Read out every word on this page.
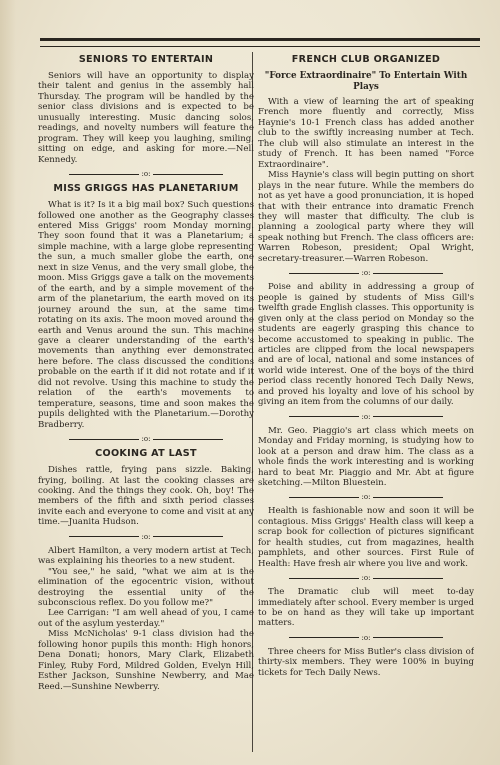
SENIORS TO ENTERTAIN

Seniors will have an opportunity to display their talent and genius in the assembly hall Thursday. The program will be handled by the senior class divisions and is expected to be unusually interesting. Music dancing solos, readings, and novelty numbers will feature the program. They will keep you laughing, smiling, sitting on edge, and asking for more.—Nell Kennedy.

:o:
MISS GRIGGS HAS PLANETARIUM

What is it? Is it a big mail box? Such questions followed one another as the Geography classes entered Miss Griggs' room Monday morning. They soon found that it was a Planetarium; a simple machine, with a large globe representing the sun, a much smaller globe the earth, one next in size Venus, and the very small globe, the moon. Miss Griggs gave a talk on the movements of the earth, and by a simple movement of the arm of the planetarium, the earth moved on its journey around the sun, at the same time rotating on its axis. The moon moved around the earth and Venus around the sun. This machine gave a clearer understanding of the earth's movements than anything ever demonstrated here before. The class discussed the conditions probable on the earth if it did not rotate and if it did not revolve. Using this machine to study the relation of the earth's movements to temperature, seasons, time and soon makes the pupils delighted with the Planetarium.—Dorothy Bradberry.

:o:
COOKING AT LAST

Dishes rattle, frying pans sizzle. Baking, frying, boiling. At last the cooking classes are cooking. And the things they cook. Oh, boy! The members of the fifth and sixth period classes invite each and everyone to come and visit at any time.—Juanita Hudson.

:o:

Albert Hamilton, a very modern artist at Tech, was explaining his theories to a new student.

"You see," he said, "what we aim at is the elimination of the egocentric vision, without destroying the essential unity of the subconscious reflex. Do you follow me?"

Lee Carrigan: "I am well ahead of you, I came out of the asylum yesterday."

Miss McNicholas' 9-1 class division had the following honor pupils this month: High honors, Dena Donati; honors, Mary Clark, Elizabeth Finley, Ruby Ford, Mildred Golden, Evelyn Hill, Esther Jackson, Sunshine Newberry, and Mae Reed.—Sunshine Newberry.

FRENCH CLUB ORGANIZED
"Force Extraordinaire" To Entertain With Plays

With a view of learning the art of speaking French more fluently and correctly, Miss Haynie's 10-1 French class has added another club to the swiftly increasing number at Tech. The club will also stimulate an interest in the study of French. It has been named "Force Extraordinaire".

Miss Haynie's class will begin putting on short plays in the near future. While the members do not as yet have a good pronunciation, it is hoped that with their entrance into dramatic French they will master that difficulty. The club is planning a zoological party where they will speak nothing but French. The class officers are: Warren Robeson, president; Opal Wright, secretary-treasurer.—Warren Robeson.

:o:

Poise and ability in addressing a group of people is gained by students of Miss Gill's twelfth grade English classes. This opportunity is given only at the class period on Monday so the students are eagerly grasping this chance to become accustomed to speaking in public. The articles are clipped from the local newspapers and are of local, national and some instances of world wide interest. One of the boys of the third period class recently honored Tech Daily News, and proved his loyalty and love of his school by giving an item from the columns of our daily.

:o:

Mr. Geo. Piaggio's art class which meets on Monday and Friday morning, is studying how to look at a person and draw him. The class as a whole finds the work interesting and is working hard to beat Mr. Piaggio and Mr. Abt at figure sketching.—Milton Bluestein.

:o:

Health is fashionable now and soon it will be contagious. Miss Griggs' Health class will keep a scrap book for collection of pictures significant for health studies, cut from magazines, health pamphlets, and other sources. First Rule of Health: Have fresh air where you live and work.

:o:

The Dramatic club will meet to-day immediately after school. Every member is urged to be on hand as they will take up important matters.

:o:

Three cheers for Miss Butler's class division of thirty-six members. They were 100% in buying tickets for Tech Daily News.
